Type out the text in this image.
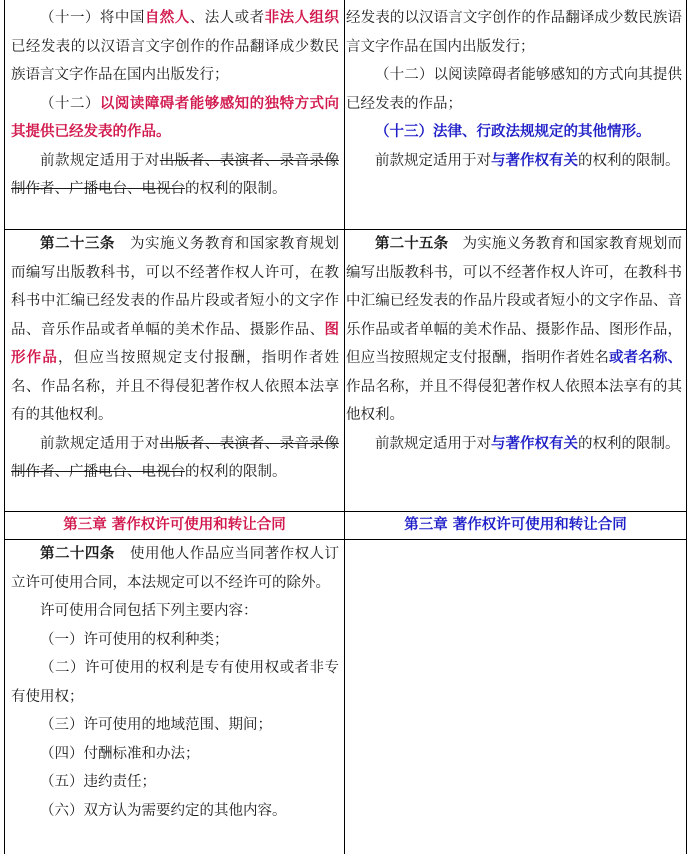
（十一）将中国自然人、法人或者非法人组织已经发表的以汉语言文字创作的作品翻译成少数民族语言文字作品在国内出版发行；

（十二）以阅读障碍者能够感知的独特方式向其提供已经发表的作品。

前款规定适用于对出版者、表演者、录音录像制作者、广播电台、电视台的权利的限制。

经发表的以汉语言文字创作的作品翻译成少数民族语言文字作品在国内出版发行；

（十二）以阅读障碍者能够感知的方式向其提供已经发表的作品；

（十三）法律、行政法规规定的其他情形。

前款规定适用于对与著作权有关的权利的限制。

第二十三条 为实施义务教育和国家教育规划而编写出版教科书，可以不经著作权人许可，在教科书中汇编已经发表的作品片段或者短小的文字作品、音乐作品或者单幅的美术作品、摄影作品、图形作品，但应当按照规定支付报酬，指明作者姓名、作品名称，并且不得侵犯著作权人依照本法享有的其他权利。

前款规定适用于对出版者、表演者、录音录像制作者、广播电台、电视台的权利的限制。

第二十五条 为实施义务教育和国家教育规划而编写出版教科书，可以不经著作权人许可，在教科书中汇编已经发表的作品片段或者短小的文字作品、音乐作品或者单幅的美术作品、摄影作品、图形作品，但应当按照规定支付报酬，指明作者姓名或者名称、作品名称，并且不得侵犯著作权人依照本法享有的其他权利。

前款规定适用于对与著作权有关的权利的限制。

第三章 著作权许可使用和转让合同	第三章 著作权许可使用和转让合同

第二十四条 使用他人作品应当同著作权人订立许可使用合同，本法规定可以不经许可的除外。

许可使用合同包括下列主要内容：

（一）许可使用的权利种类；

（二）许可使用的权利是专有使用权或者非专有使用权；

（三）许可使用的地域范围、期间；

（四）付酬标准和办法；

（五）违约责任；

（六）双方认为需要约定的其他内容。
